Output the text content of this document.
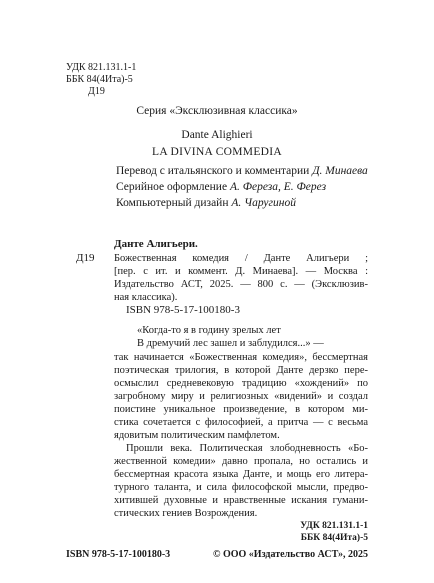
УДК 821.131.1-1
ББК 84(4Ита)-5
Д19
Серия «Эксклюзивная классика»
Dante Alighieri
LA DIVINA COMMEDIA
Перевод с итальянского и комментарии Д. Минаева
Серийное оформление А. Фереза, Е. Ферез
Компьютерный дизайн А. Чаругиной
Данте Алигьери.
Д19 Божественная комедия / Данте Алигьери ;
[пер. с ит. и коммент. Д. Минаева]. — Москва :
Издательство АСТ, 2025. — 800 с. — (Эксклюзив-
ная классика).
ISBN 978-5-17-100180-3
«Когда-то я в годину зрелых лет
В дремучий лес зашел и заблудился...» —
так начинается «Божественная комедия», бессмертная
поэтическая трилогия, в которой Данте дерзко пере-
осмыслил средневековую традицию «хождений» по
загробному миру и религиозных «видений» и создал
поистине уникальное произведение, в котором ми-
стика сочетается с философией, а притча — с весьма
ядовитым политическим памфлетом.
Прошли века. Политическая злободневность «Бо-
жественной комедии» давно пропала, но остались и
бессмертная красота языка Данте, и мощь его литера-
турного таланта, и сила философской мысли, предво-
хитившей духовные и нравственные искания гумани-
стических гениев Возрождения.
УДК 821.131.1-1
ББК 84(4Ита)-5
ISBN 978-5-17-100180-3	© ООО «Издательство АСТ», 2025
